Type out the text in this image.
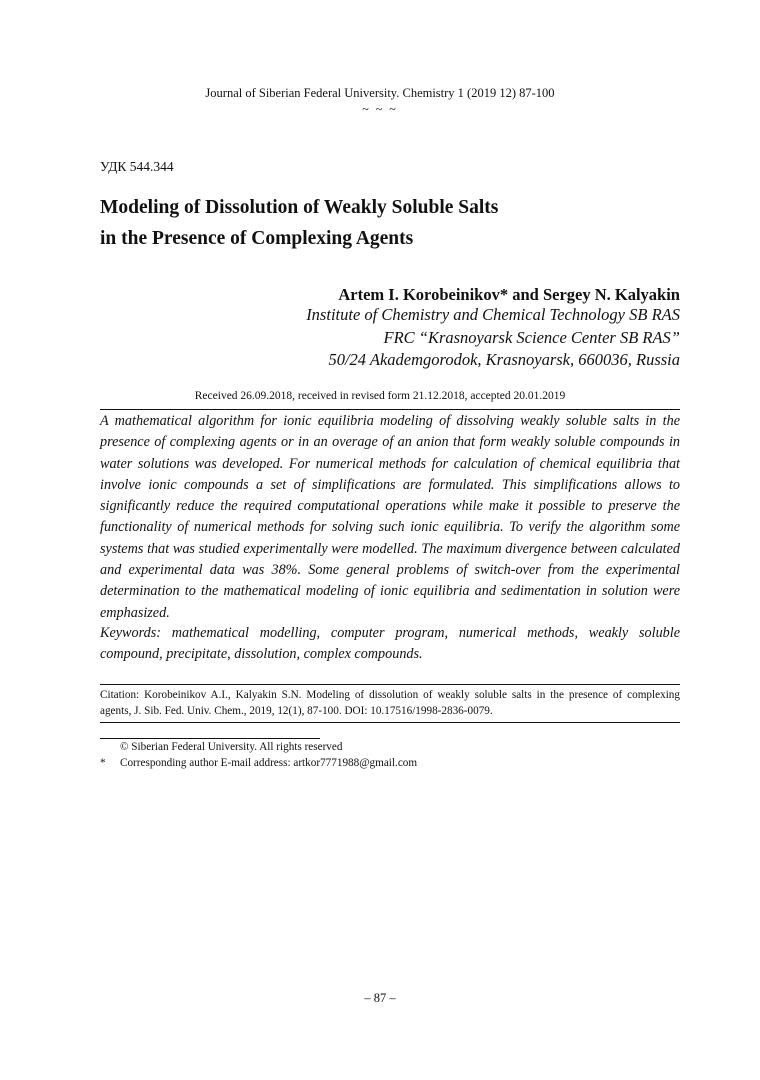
Journal of Siberian Federal University. Chemistry 1 (2019 12) 87-100
~ ~ ~
УДК 544.344
Modeling of Dissolution of Weakly Soluble Salts
in the Presence of Complexing Agents
Artem I. Korobeinikov* and Sergey N. Kalyakin
Institute of Chemistry and Chemical Technology SB RAS
FRC “Krasnoyarsk Science Center SB RAS”
50/24 Akademgorodok, Krasnoyarsk, 660036, Russia
Received 26.09.2018, received in revised form 21.12.2018, accepted 20.01.2019

A mathematical algorithm for ionic equilibria modeling of dissolving weakly soluble salts in the presence of complexing agents or in an overage of an anion that form weakly soluble compounds in water solutions was developed. For numerical methods for calculation of chemical equilibria that involve ionic compounds a set of simplifications are formulated. This simplifications allows to significantly reduce the required computational operations while make it possible to preserve the functionality of numerical methods for solving such ionic equilibria. To verify the algorithm some systems that was studied experimentally were modelled. The maximum divergence between calculated and experimental data was 38%. Some general problems of switch-over from the experimental determination to the mathematical modeling of ionic equilibria and sedimentation in solution were emphasized.

Keywords: mathematical modelling, computer program, numerical methods, weakly soluble compound, precipitate, dissolution, complex compounds.

Citation: Korobeinikov A.I., Kalyakin S.N. Modeling of dissolution of weakly soluble salts in the presence of complexing agents, J. Sib. Fed. Univ. Chem., 2019, 12(1), 87-100. DOI: 10.17516/1998-2836-0079.

© Siberian Federal University. All rights reserved
*	Corresponding author E-mail address: artkor7771988@gmail.com
– 87 –
